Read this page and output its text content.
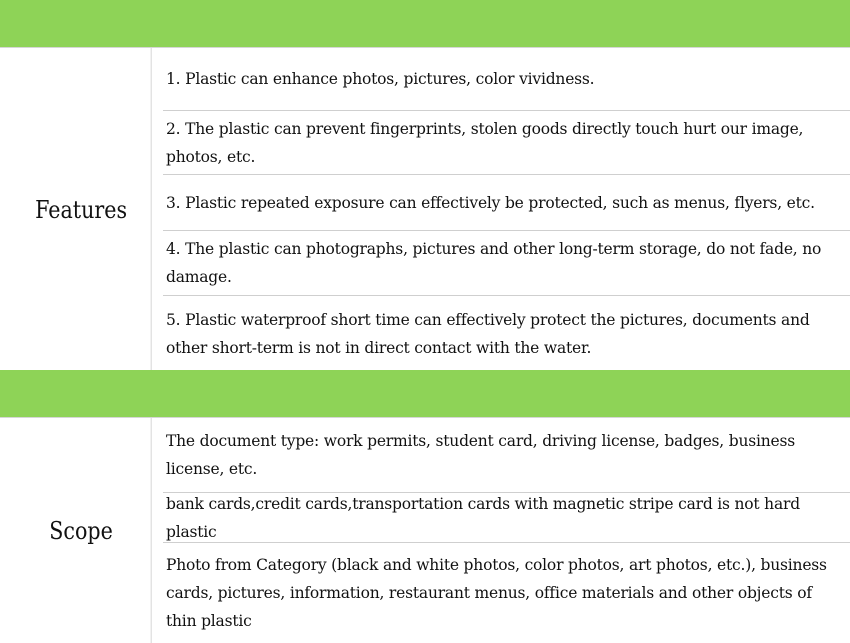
Features
1. Plastic can enhance photos, pictures, color vividness.
2. The plastic can prevent fingerprints, stolen goods directly touch hurt our image, photos, etc.
3. Plastic repeated exposure can effectively be protected, such as menus, flyers, etc.
4. The plastic can photographs, pictures and other long-term storage, do not fade, no damage.
5. Plastic waterproof short time can effectively protect the pictures, documents and other short-term is not in direct contact with the water.
Scope
The document type: work permits, student card, driving license, badges, business license, etc.
bank cards,credit cards,transportation cards with magnetic stripe card is not hard plastic
Photo from Category (black and white photos, color photos, art photos, etc.), business cards, pictures, information, restaurant menus, office materials and other objects of thin plastic
